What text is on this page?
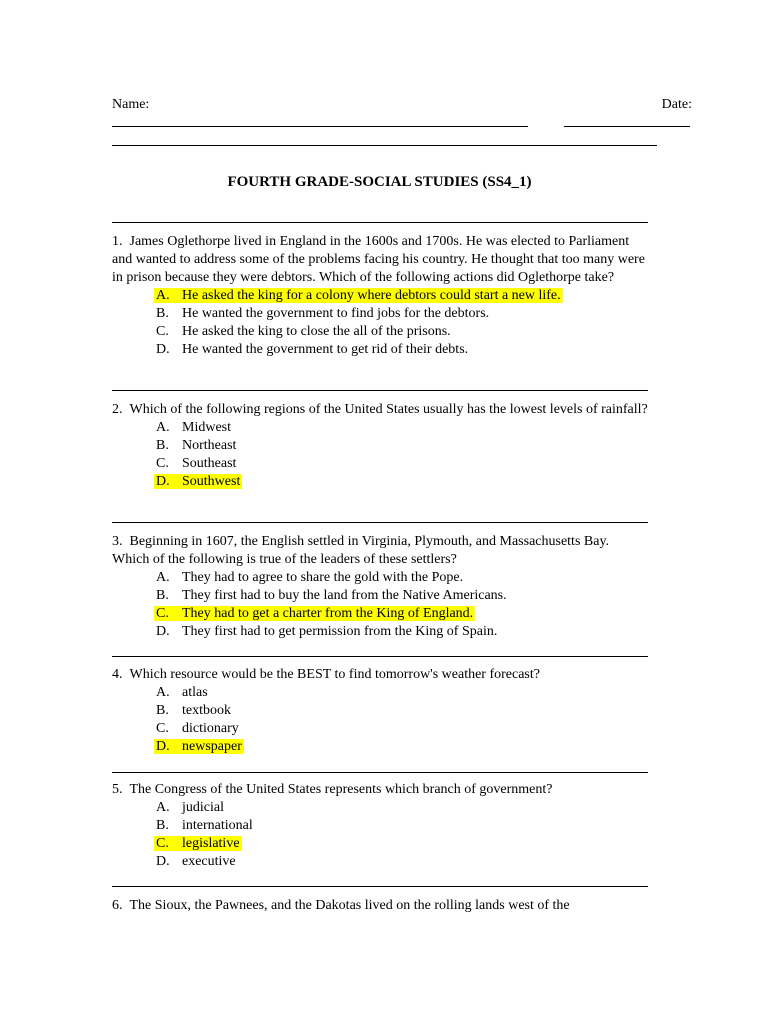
Name:	Date:
FOURTH GRADE-SOCIAL STUDIES (SS4_1)

1. James Oglethorpe lived in England in the 1600s and 1700s. He was elected to Parliament and wanted to address some of the problems facing his country. He thought that too many were in prison because they were debtors. Which of the following actions did Oglethorpe take?

A. He asked the king for a colony where debtors could start a new life.
B. He wanted the government to find jobs for the debtors.
C. He asked the king to close the all of the prisons.
D. He wanted the government to get rid of their debts.

2. Which of the following regions of the United States usually has the lowest levels of rainfall?

A. Midwest
B. Northeast
C. Southeast
D. Southwest

3. Beginning in 1607, the English settled in Virginia, Plymouth, and Massachusetts Bay. Which of the following is true of the leaders of these settlers?

A. They had to agree to share the gold with the Pope.
B. They first had to buy the land from the Native Americans.
C. They had to get a charter from the King of England.
D. They first had to get permission from the King of Spain.

4. Which resource would be the BEST to find tomorrow's weather forecast?

A. atlas
B. textbook
C. dictionary
D. newspaper

5. The Congress of the United States represents which branch of government?

A. judicial
B. international
C. legislative
D. executive

6. The Sioux, the Pawnees, and the Dakotas lived on the rolling lands west of the
